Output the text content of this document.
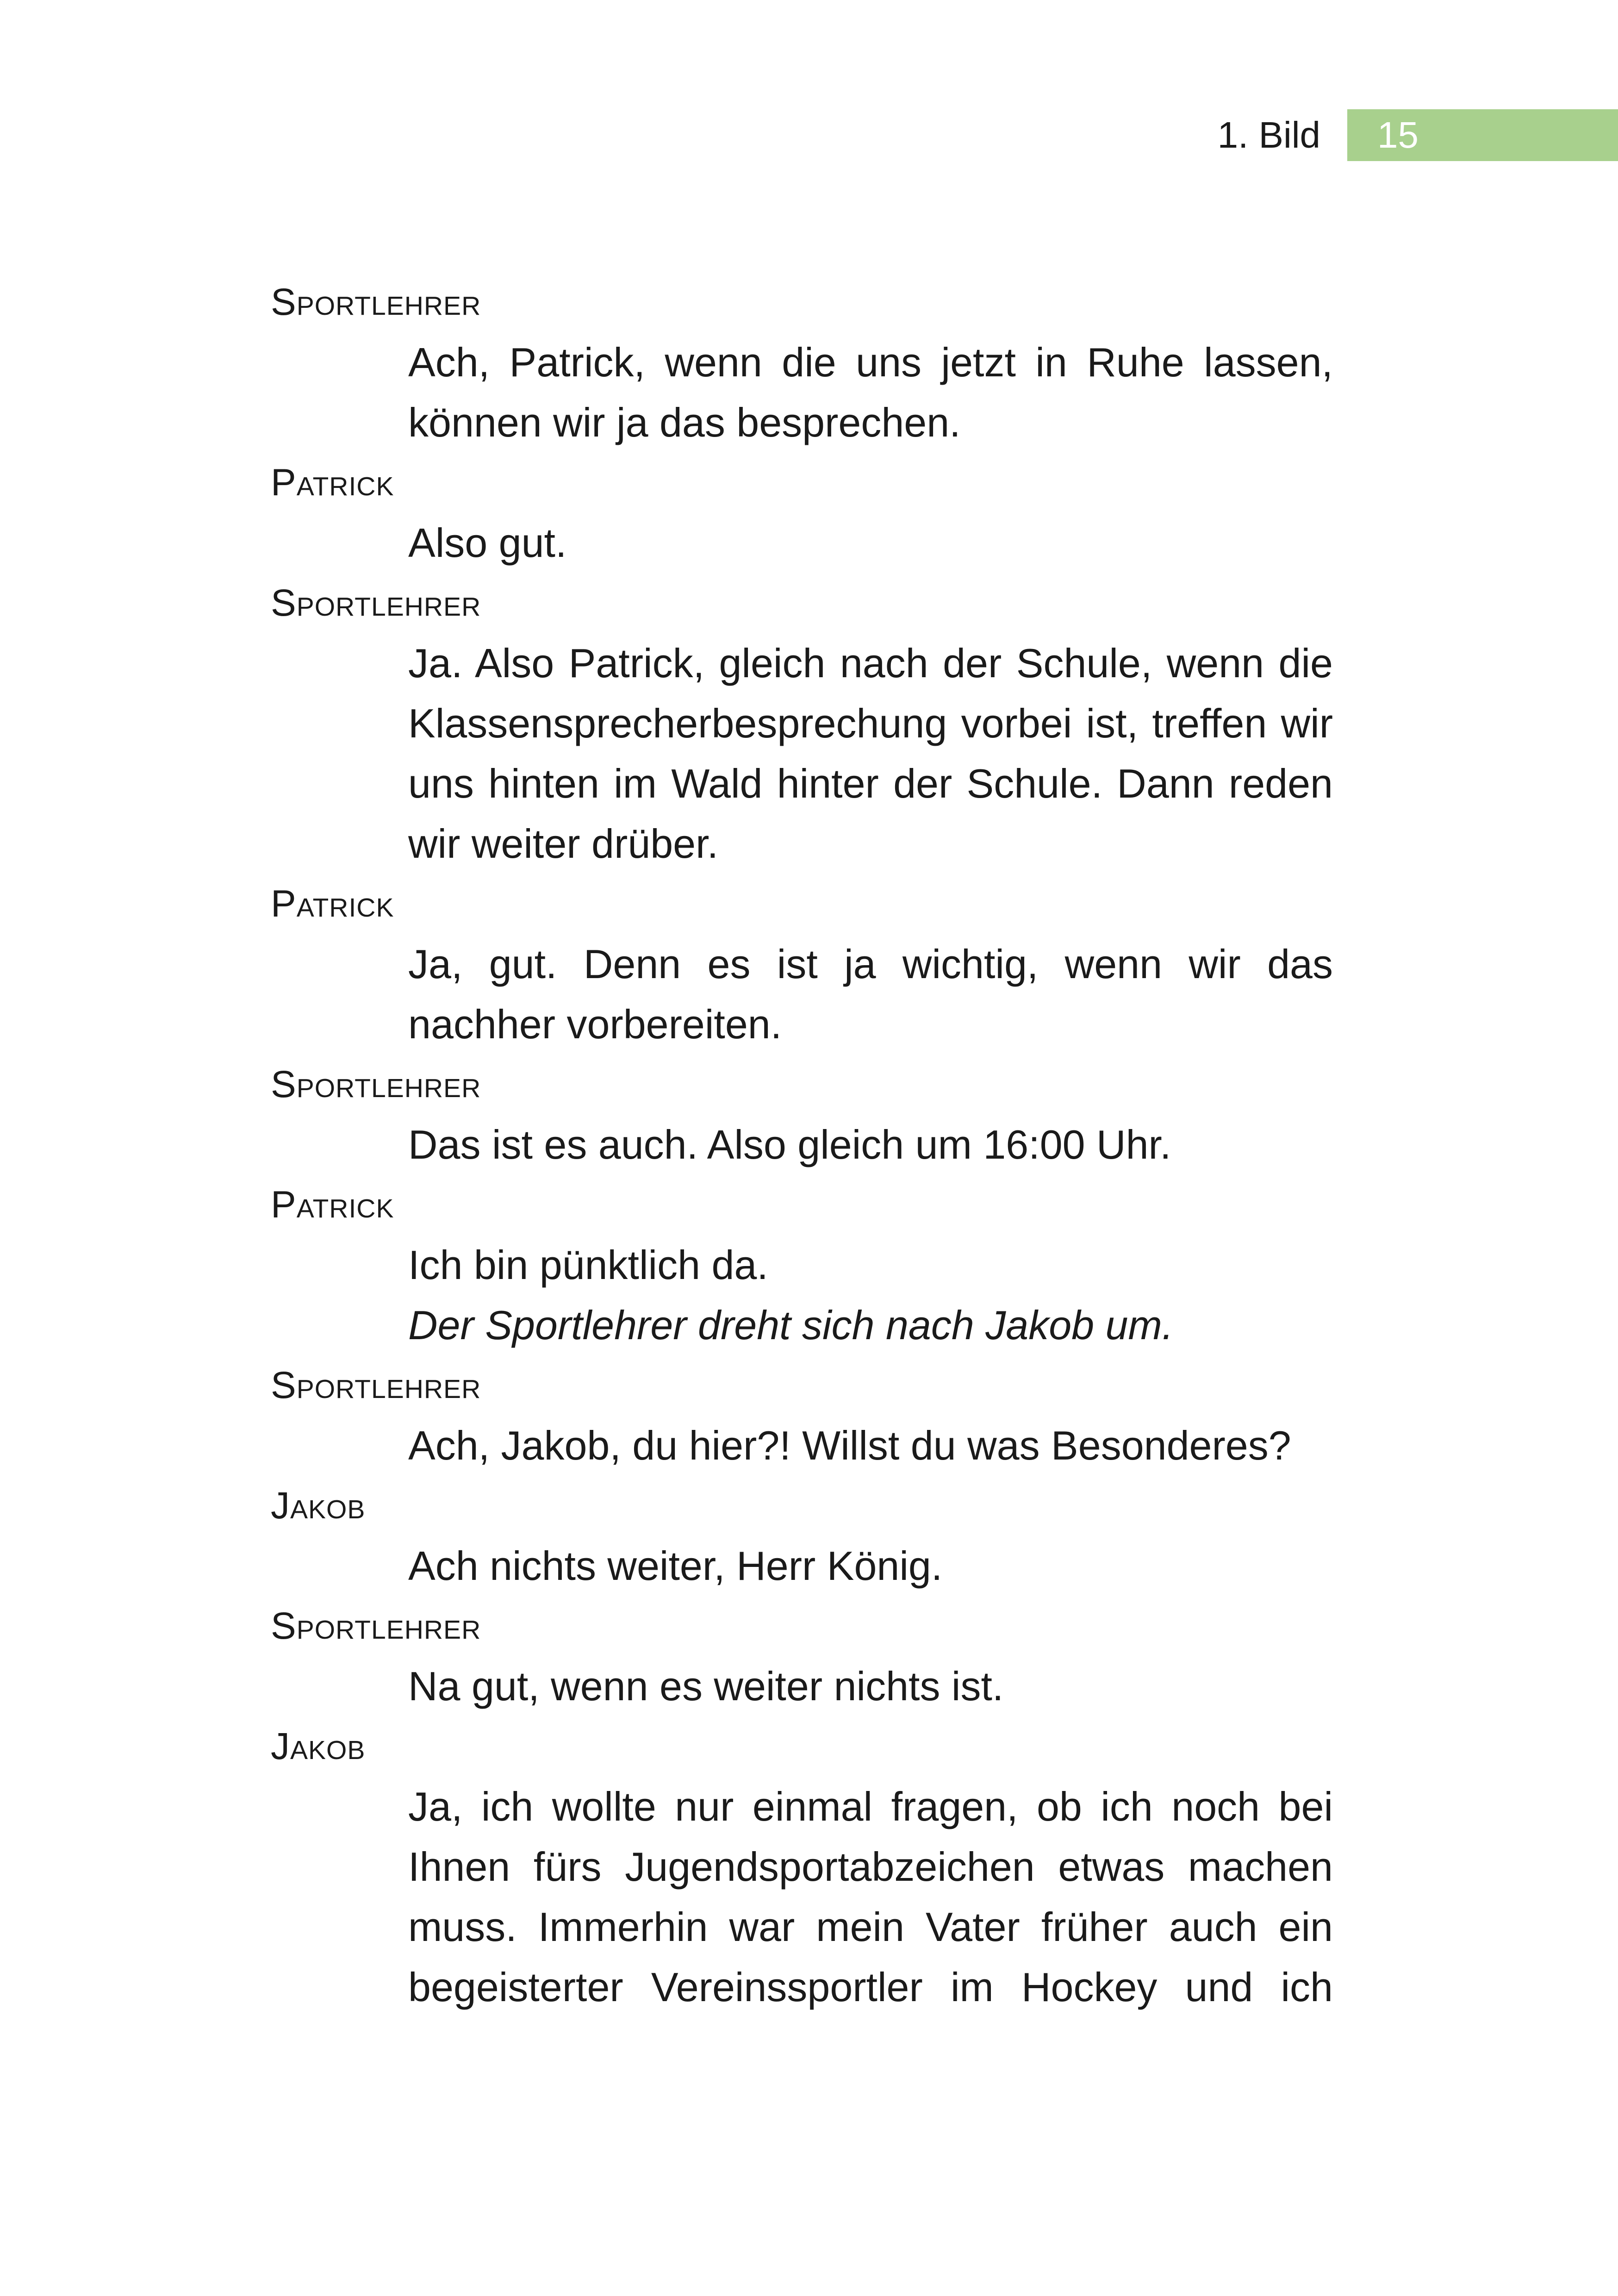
1. Bild 15
Sportlehrer
Ach, Patrick, wenn die uns jetzt in Ruhe lassen, können wir ja das besprechen.
Patrick
Also gut.
Sportlehrer
Ja. Also Patrick, gleich nach der Schule, wenn die Klassensprecherbesprechung vorbei ist, treffen wir uns hinten im Wald hinter der Schule. Dann reden wir weiter drüber.
Patrick
Ja, gut. Denn es ist ja wichtig, wenn wir das nachher vorbereiten.
Sportlehrer
Das ist es auch. Also gleich um 16:00 Uhr.
Patrick
Ich bin pünktlich da.
Der Sportlehrer dreht sich nach Jakob um.
Sportlehrer
Ach, Jakob, du hier?! Willst du was Besonderes?
Jakob
Ach nichts weiter, Herr König.
Sportlehrer
Na gut, wenn es weiter nichts ist.
Jakob
Ja, ich wollte nur einmal fragen, ob ich noch bei Ihnen fürs Jugendsportabzeichen etwas machen muss. Immerhin war mein Vater früher auch ein begeisterter Vereinssportler im Hockey und ich
